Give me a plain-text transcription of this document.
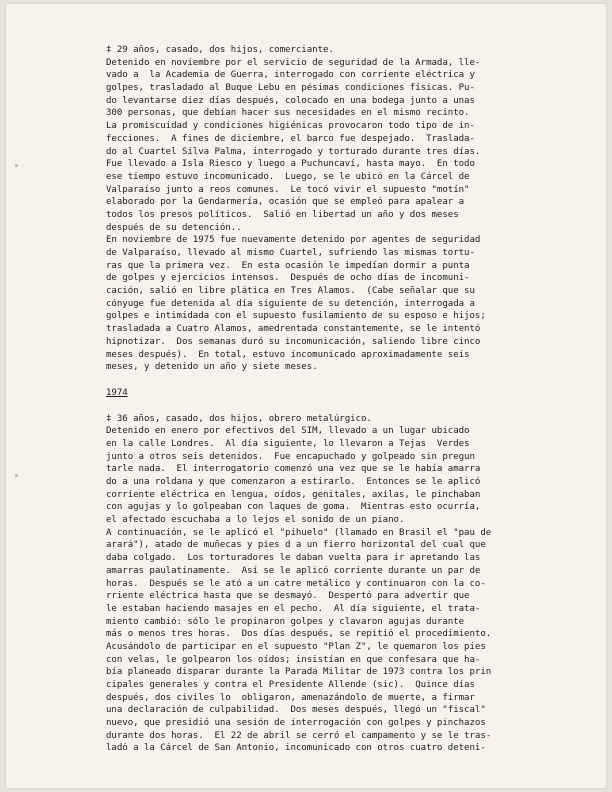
‡ 29 años, casado, dos hijos, comerciante.
Detenido en noviembre por el servicio de seguridad de la Armada, lle-
vado a  la Academia de Guerra, interrogado con corriente eléctrica y
golpes, trasladado al Buque Lebu en pésimas condiciones físicas. Pu-
do levantarse diez días después, colocado en una bodega junto a unas
300 personas, que debían hacer sus necesidades en el mismo recinto.
La promiscuidad y condiciones higiénicas provocaron todo tipo de in-
fecciones.  A fines de diciembre, el barco fue despejado.  Traslada-
do al Cuartel Silva Palma, interrogado y torturado durante tres días.
Fue llevado a Isla Riesco y luego a Puchuncaví, hasta mayo.  En todo
ese tiempo estuvo incomunicado.  Luego, se le ubicó en la Cárcel de
Valparaíso junto a reos comunes.  Le tocó vivir el supuesto "motín"
elaborado por la Gendarmería, ocasión que se empleó para apalear a
todos los presos políticos.  Salió en libertad un año y dos meses
después de su detención..
En noviembre de 1975 fue nuevamente detenido por agentes de seguridad
de Valparaíso, llevado al mismo Cuartel, sufriendo las mismas tortu-
ras que la primera vez.  En esta ocasión le impedían dormir a punta
de golpes y ejercicios intensos.  Después de ocho días de incomuni-
cación, salió en libre plática en Tres Alamos.  (Cabe señalar que su
cónyuge fue detenida al día siguiente de su detención, interrogada a
golpes e intimidada con el supuesto fusilamiento de su esposo e hijos;
trasladada a Cuatro Alamos, amedrentada constantemente, se le intentó
hipnotizar.  Dos semanas duró su incomunicación, saliendo libre cinco
meses después).  En total, estuvo incomunicado aproximadamente seis
meses, y detenido un año y siete meses.
1974
‡ 36 años, casado, dos hijos, obrero metalúrgico.
Detenido en enero por efectivos del SIM, llevado a un lugar ubicado
en la calle Londres.  Al día siguiente, lo llevaron a Tejas  Verdes
junto a otros seis detenidos.  Fue encapuchado y golpeado sin pregun
tarle nada.  El interrogatorio comenzó una vez que se le había amarra
do a una roldana y que comenzaron a estirarlo.  Entonces se le aplicó
corriente eléctrica en lengua, oídos, genitales, axilas, le pinchaban
con agujas y lo golpeaban con laques de goma.  Mientras esto ocurría,
el afectado escuchaba a lo lejos el sonido de un piano.
A continuación, se le aplicó el "pihuelo" (llamado en Brasil el "pau de
arará"), atado de muñecas y pies d a un fierro horizontal del cual que
daba colgado.  Los torturadores le daban vuelta para ir apretando las
amarras paulatinamente.  Así se le aplicó corriente durante un par de
horas.  Después se le ató a un catre metálico y continuaron con la co-
rriente eléctrica hasta que se desmayó.  Despertó para advertir que
le estaban haciendo masajes en el pecho.  Al día siguiente, el trata-
miento cambió: sólo le propinaron golpes y clavaron agujas durante
más o menos tres horas.  Dos días después, se repitió el procedimiento.
Acusándolo de participar en el supuesto "Plan Z", le quemaron los pies
con velas, le golpearon los oídos; insistían en que confesara que ha-
bía planeado disparar durante la Parada Militar de 1973 contra los prin
cipales generales y contra el Presidente Allende (sic).  Quince días
después, dos civiles lo  obligaron, amenazándolo de muerte, a firmar
una declaración de culpabilidad.  Dos meses después, llegó un "fiscal"
nuevo, que presidió una sesión de interrogación con golpes y pinchazos
durante dos horas.  El 22 de abril se cerró el campamento y se le tras-
ladó a la Cárcel de San Antonio, incomunicado con otros cuatro deteni-
